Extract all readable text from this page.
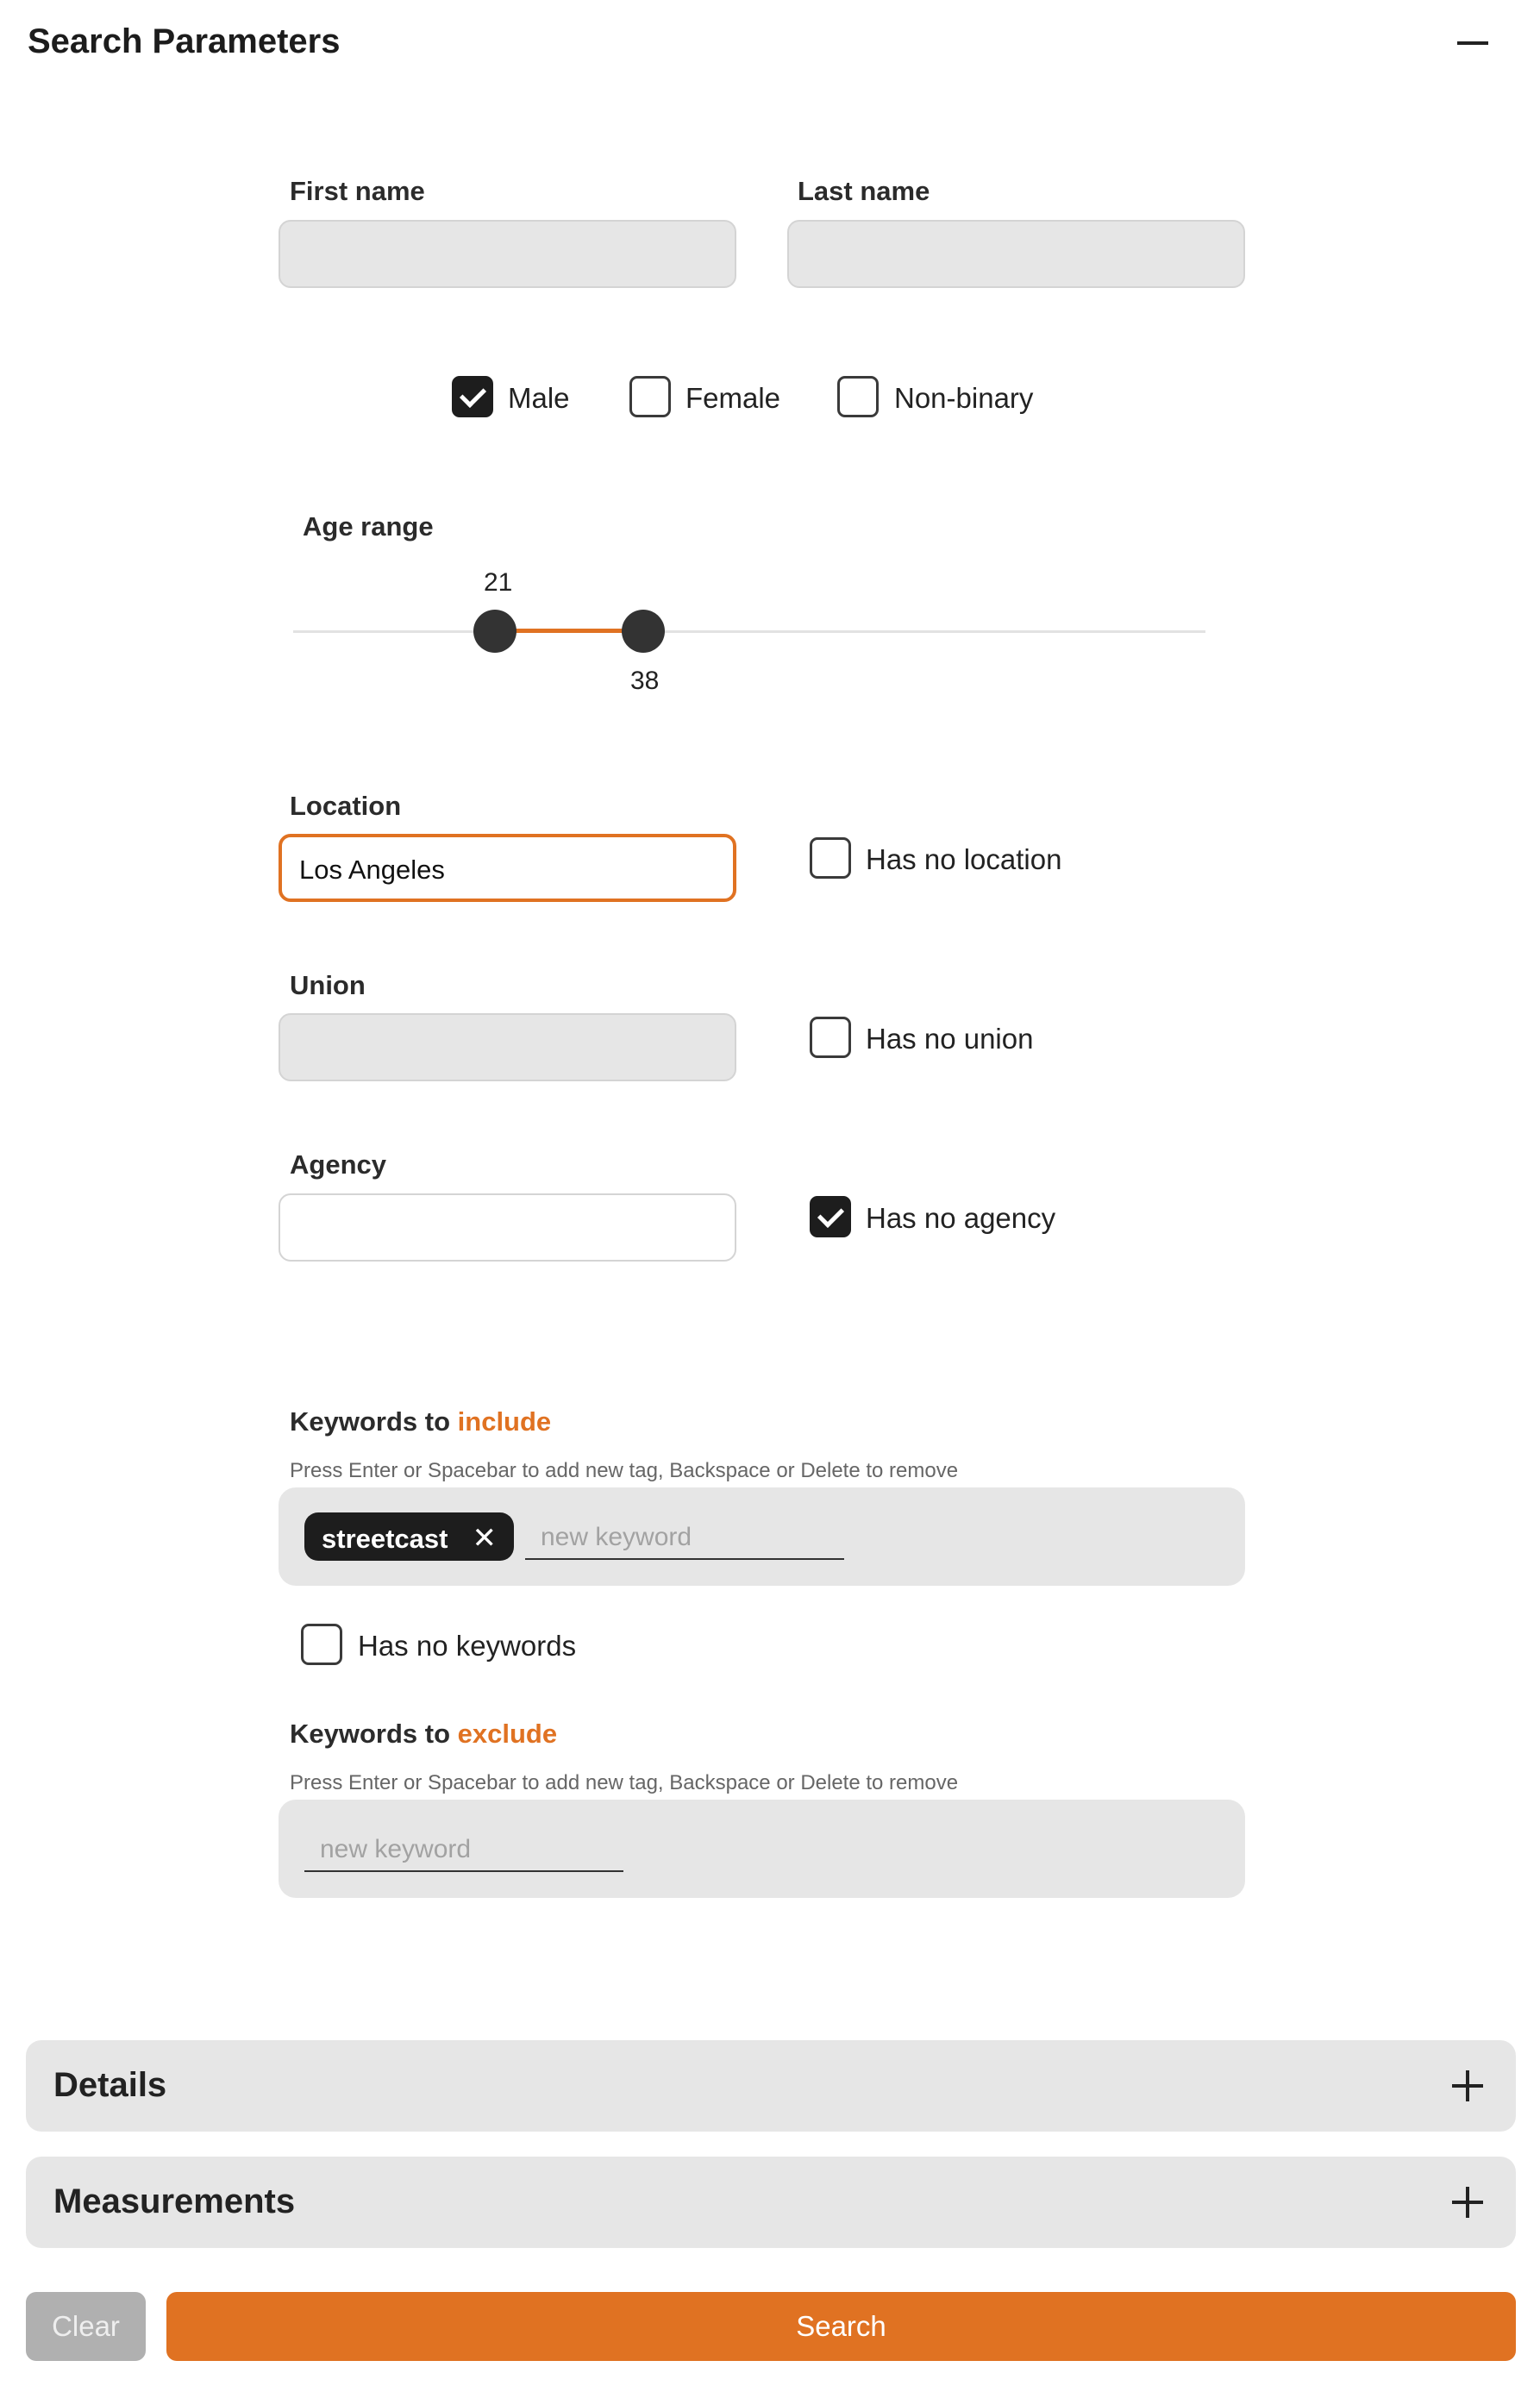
Search Parameters
First name	Last name
Male	Female	Non-binary
Age range
21
38
Location
Los Angeles	Has no location
Union
Has no union
Agency
Has no agency
Keywords to include
Press Enter or Spacebar to add new tag, Backspace or Delete to remove
streetcast ✕
new keyword
Has no keywords
Keywords to exclude
Press Enter or Spacebar to add new tag, Backspace or Delete to remove
new keyword
Details
Measurements
Clear	Search
